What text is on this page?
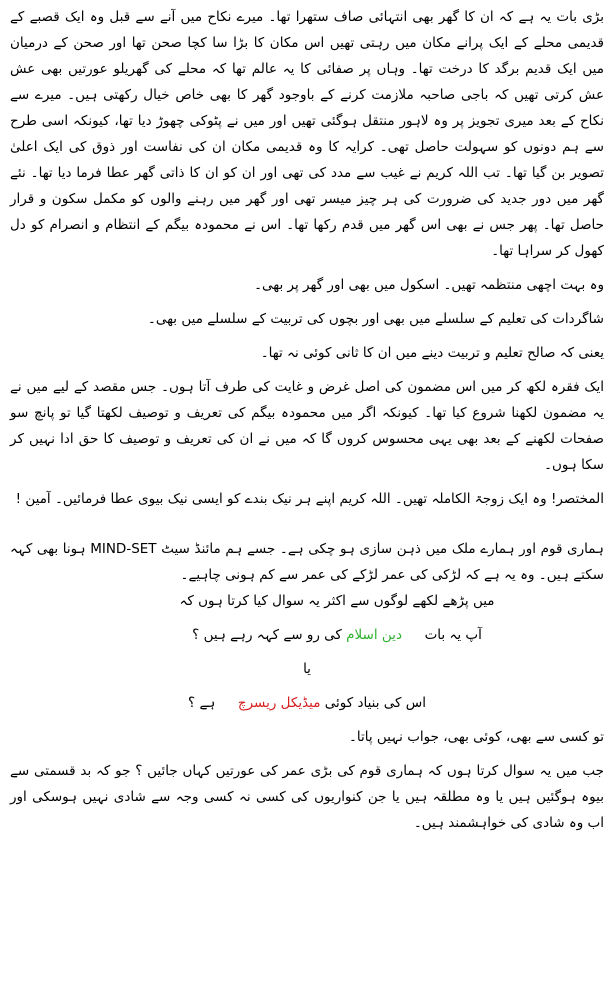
بڑی بات یہ ہے کہ ان کا گھر بھی انتہائی صاف ستھرا تھا۔ میرے نکاح میں آنے سے قبل وہ ایک قصبے کے قدیمی محلے کے ایک پرانے مکان میں رہتی تھیں اس مکان کا بڑا سا کچا صحن تھا اور صحن کے درمیان میں ایک قدیم برگد کا درخت تھا۔ وہاں پر صفائی کا یہ عالم تھا کہ محلے کی گھریلو عورتیں بھی عش عش کرتی تھیں کہ باجی صاحبہ ملازمت کرنے کے باوجود گھر کا بھی خاص خیال رکھتی ہیں۔ میرے سے نکاح کے بعد میری تجویز پر وہ لاہور منتقل ہوگئی تھیں اور میں نے پٹوکی چھوڑ دیا تھا، کیونکہ اسی طرح سے ہم دونوں کو سہولت حاصل تھی۔ کرایہ کا وہ قدیمی مکان ان کی نفاست اور ذوق کی ایک اعلیٰ تصویر بن گیا تھا۔ تب اللہ کریم نے غیب سے مدد کی تھی اور ان کو ان کا ذاتی گھر عطا فرما دیا تھا۔ نئے گھر میں دور جدید کی ضرورت کی ہر چیز میسر تھی اور گھر میں رہنے والوں کو مکمل سکون و قرار حاصل تھا۔ پھر جس نے بھی اس گھر میں قدم رکھا تھا۔ اس نے محمودہ بیگم کے انتظام و انصرام کو دل کھول کر سراہا تھا۔

وہ بہت اچھی منتظمہ تھیں۔ اسکول میں بھی اور گھر پر بھی۔

شاگردات کی تعلیم کے سلسلے میں بھی اور بچوں کی تربیت کے سلسلے میں بھی۔

یعنی کہ صالح تعلیم و تربیت دینے میں ان کا ثانی کوئی نہ تھا۔

ایک فقرہ لکھ کر میں اس مضمون کی اصل غرض و غایت کی طرف آتا ہوں۔ جس مقصد کے لیے میں نے یہ مضمون لکھنا شروع کیا تھا۔ کیونکہ اگر میں محمودہ بیگم کی تعریف و توصیف لکھتا گیا تو پانچ سو صفحات لکھنے کے بعد بھی یہی محسوس کروں گا کہ میں نے ان کی تعریف و توصیف کا حق ادا نہیں کر سکا ہوں۔

المختصر! وہ ایک زوجۃ الکاملہ تھیں۔ اللہ کریم اپنے ہر نیک بندے کو ایسی نیک بیوی عطا فرمائیں۔ آمین !

ہماری قوم اور ہمارے ملک میں ذہن سازی ہو چکی ہے۔ جسے ہم مائنڈ سیٹ MIND-SET ہونا بھی کہہ سکتے ہیں۔ وہ یہ ہے کہ لڑکی کی عمر لڑکے کی عمر سے کم ہونی چاہیے۔

میں پڑھے لکھے لوگوں سے اکثر یہ سوال کیا کرتا ہوں کہ

آپ یہ بات  دین اسلام کی رو سے کہہ رہے ہیں ؟

یا

اس کی بنیاد کوئی میڈیکل ریسرچ  ہے ؟

تو کسی سے بھی، کوئی بھی، جواب نہیں پاتا۔

جب میں یہ سوال کرتا ہوں کہ ہماری قوم کی بڑی عمر کی عورتیں کہاں جائیں ؟ جو کہ بد قسمتی سے بیوہ ہوگئیں ہیں یا وہ مطلقہ ہیں یا جن کنواریوں کی کسی نہ کسی وجہ سے شادی نہیں ہوسکی اور اب وہ شادی کی خواہشمند ہیں۔
